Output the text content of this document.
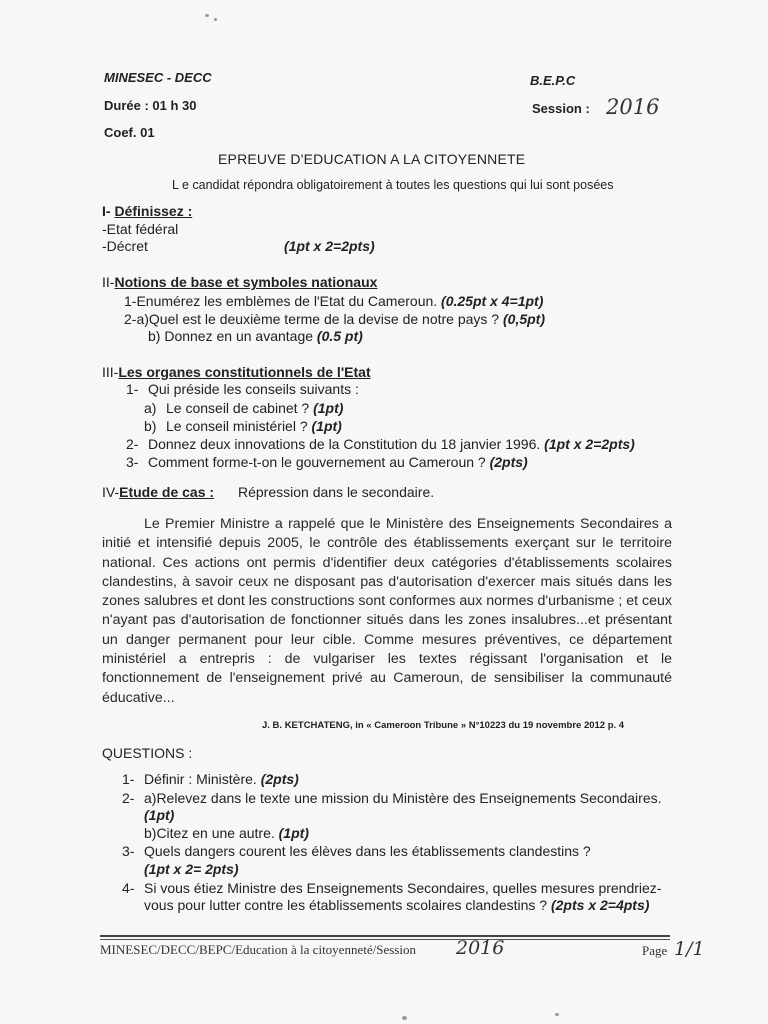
MINESEC - DECC	B.E.P.C
Durée : 01 h 30	Session : 2016
Coef. 01
EPREUVE D'EDUCATION A LA CITOYENNETE
L e candidat répondra obligatoirement à toutes les questions qui lui sont posées
I- Définissez :
-Etat fédéral
-Décret	(1pt x 2=2pts)
II-Notions de base et symboles nationaux
1-Enumérez les emblèmes de l'Etat du Cameroun. (0.25pt x 4=1pt)
2-a)Quel est le deuxième terme de la devise de notre pays ? (0,5pt)
b) Donnez en un avantage (0.5 pt)
III-Les organes constitutionnels de l'Etat
1- Qui préside les conseils suivants :
a) Le conseil de cabinet ? (1pt)
b) Le conseil ministériel ? (1pt)
2- Donnez deux innovations de la Constitution du 18 janvier 1996. (1pt x 2=2pts)
3- Comment forme-t-on le gouvernement au Cameroun ? (2pts)
IV-Etude de cas : Répression dans le secondaire.
Le Premier Ministre a rappelé que le Ministère des Enseignements Secondaires a initié et intensifié depuis 2005, le contrôle des établissements exerçant sur le territoire national. Ces actions ont permis d'identifier deux catégories d'établissements scolaires clandestins, à savoir ceux ne disposant pas d'autorisation d'exercer mais situés dans les zones salubres et dont les constructions sont conformes aux normes d'urbanisme ; et ceux n'ayant pas d'autorisation de fonctionner situés dans les zones insalubres...et présentant un danger permanent pour leur cible. Comme mesures préventives, ce département ministériel a entrepris : de vulgariser les textes régissant l'organisation et le fonctionnement de l'enseignement privé au Cameroun, de sensibiliser la communauté éducative...
J. B. KETCHATENG, in « Cameroon Tribune » N°10223 du 19 novembre 2012 p. 4
QUESTIONS :
1- Définir : Ministère. (2pts)
2- a)Relevez dans le texte une mission du Ministère des Enseignements Secondaires.
(1pt)
b)Citez en une autre. (1pt)
3- Quels dangers courent les élèves dans les établissements clandestins ?
(1pt x 2= 2pts)
4- Si vous étiez Ministre des Enseignements Secondaires, quelles mesures prendriez-
vous pour lutter contre les établissements scolaires clandestins ? (2pts x 2=4pts)
MINESEC/DECC/BEPC/Education à la citoyenneté/Session 2016	Page 1/1
